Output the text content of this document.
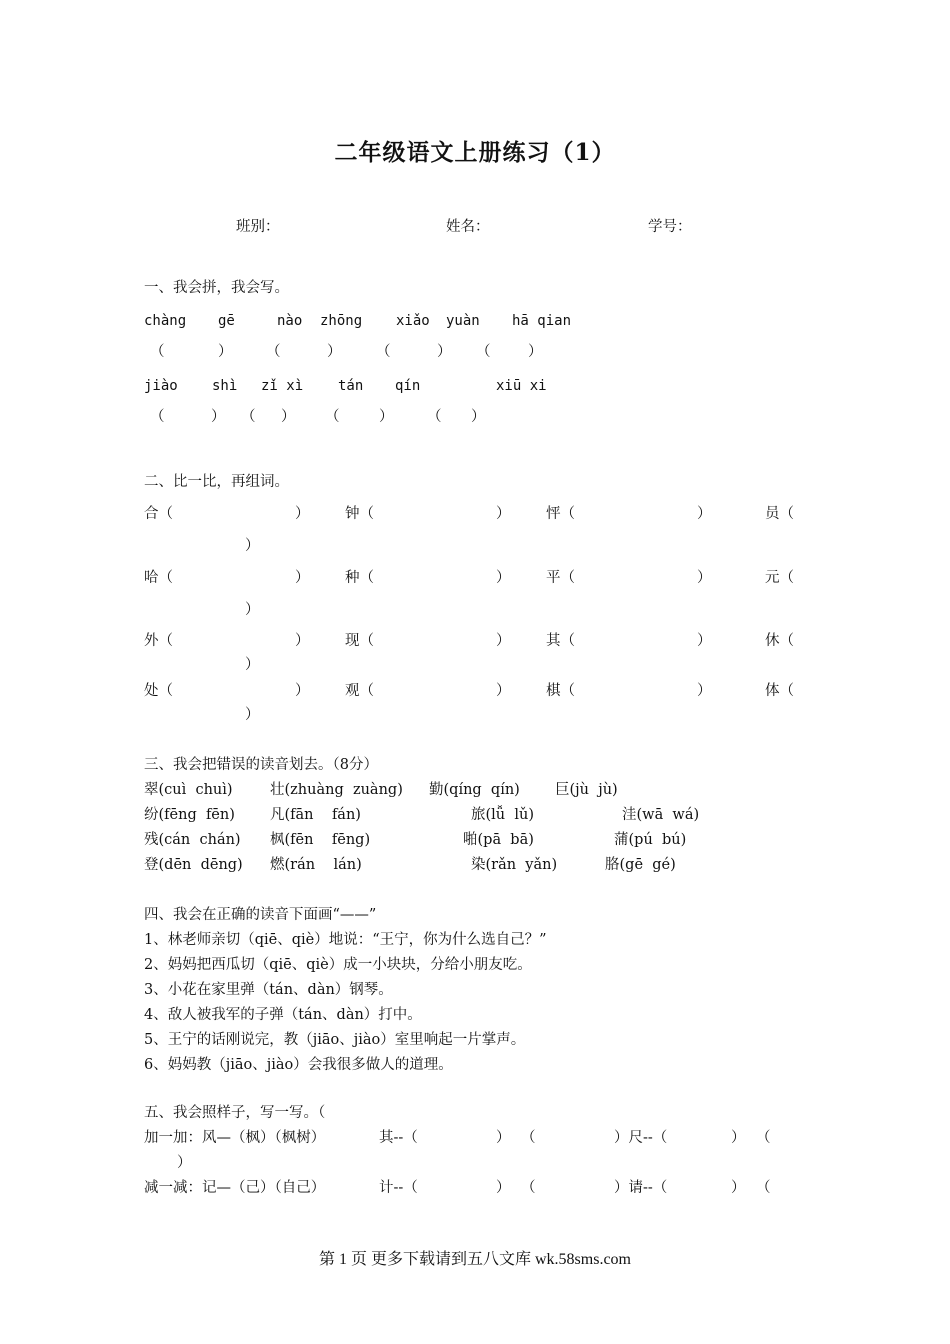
二年级语文上册练习（1）
班别：	姓名：	学号：
一、我会拼，我会写。
chàng gē	nào zhōng xiǎo yuàn hā qian
（	） （	） （	） （	）
jiào shì zǐ xì tán qín	xiū xi
（	） （ ） （	） （ ）
二、比一比，再组词。
合（	） 钟（	） 怦（	）	员（
）
哈（	） 种（	） 平（	）	元（
）
外（	） 现（	） 其（	）	休（
）
处（	） 观（	） 棋（	）	体（
）
三、我会把错误的读音划去。（8分）
翠(cuì  chuì)	壮(zhuàng  zuàng) 勤(qíng  qín) 巨(jù  jù)
纷(fēng  fēn) 凡(fān    fán)	旅(lǚ  lǔ)	洼(wā  wá)
残(cán  chán) 枫(fēn    fēng)	啪(pā  bā)	蒲(pú  bú)
登(dēn  dēng) 燃(rán    lán)	染(rǎn  yǎn)	胳(gē  gé)
四、我会在正确的读音下面画“——”
1、林老师亲切（qiē、qiè）地说：“王宁，你为什么选自己？”
2、妈妈把西瓜切（qiē、qiè）成一小块块，分给小朋友吃。
3、小花在家里弹（tán、dàn）钢琴。
4、敌人被我军的子弹（tán、dàn）打中。
5、王宁的话刚说完，教（jiāo、jiào）室里响起一片掌声。
6、妈妈教（jiāo、jiào）会我很多做人的道理。
五、我会照样子，写一写。（
加一加：风—（枫）（枫树）	其--（	） （	）尺--（	） （
）
减一减：记—（己）（自己）	计--（	） （	）请--（	） （
第 1 页 更多下载请到五八文库 wk.58sms.com
